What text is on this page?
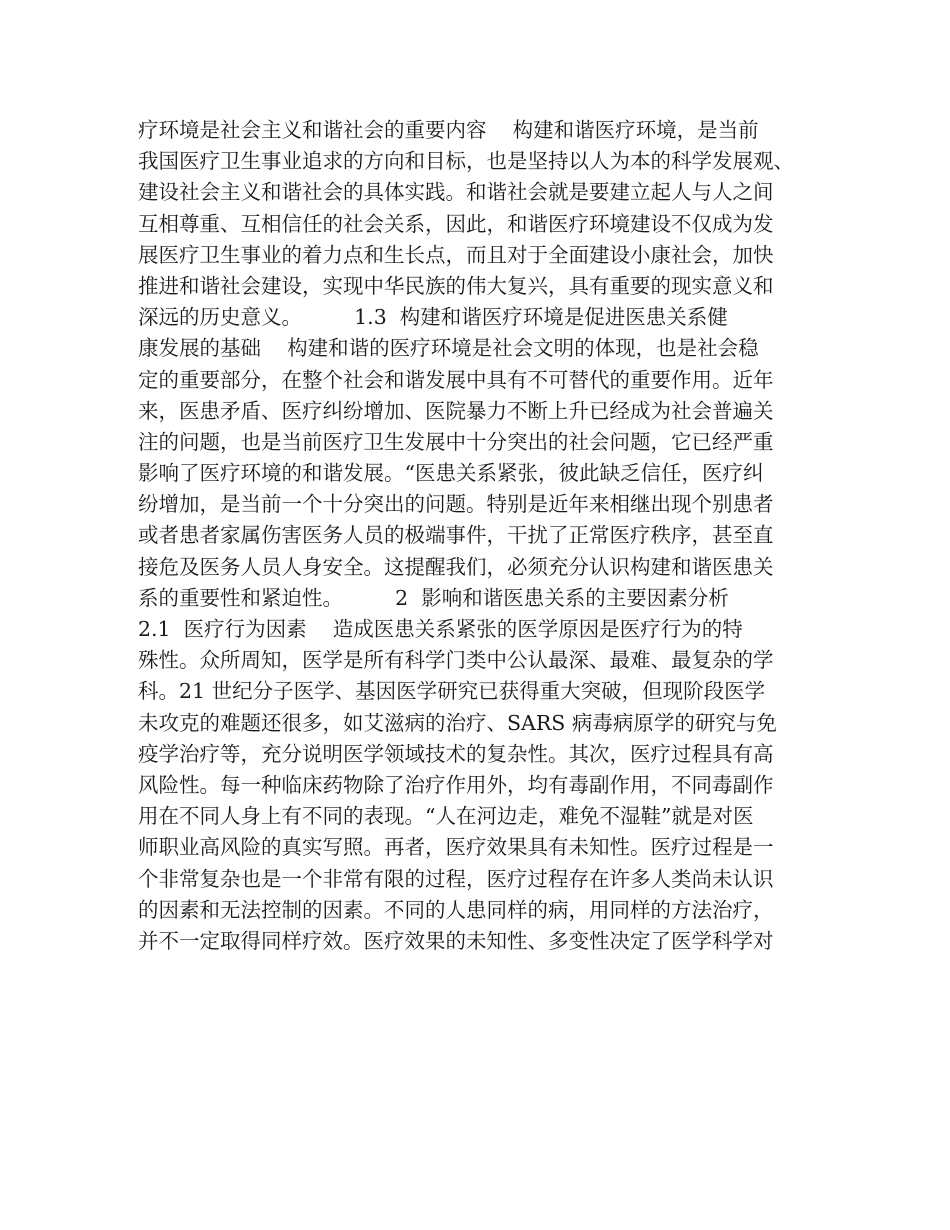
疗环境是社会主义和谐社会的重要内容    构建和谐医疗环境，是当前
我国医疗卫生事业追求的方向和目标，也是坚持以人为本的科学发展观、
建设社会主义和谐社会的具体实践。和谐社会就是要建立起人与人之间
互相尊重、互相信任的社会关系，因此，和谐医疗环境建设不仅成为发
展医疗卫生事业的着力点和生长点，而且对于全面建设小康社会，加快
推进和谐社会建设，实现中华民族的伟大复兴，具有重要的现实意义和
深远的历史意义。        1.3  构建和谐医疗环境是促进医患关系健
康发展的基础    构建和谐的医疗环境是社会文明的体现，也是社会稳
定的重要部分，在整个社会和谐发展中具有不可替代的重要作用。近年
来，医患矛盾、医疗纠纷增加、医院暴力不断上升已经成为社会普遍关
注的问题，也是当前医疗卫生发展中十分突出的社会问题，它已经严重
影响了医疗环境的和谐发展。“医患关系紧张，彼此缺乏信任，医疗纠
纷增加，是当前一个十分突出的问题。特别是近年来相继出现个别患者
或者患者家属伤害医务人员的极端事件，干扰了正常医疗秩序，甚至直
接危及医务人员人身安全。这提醒我们，必须充分认识构建和谐医患关
系的重要性和紧迫性。        2  影响和谐医患关系的主要因素分析
2.1  医疗行为因素    造成医患关系紧张的医学原因是医疗行为的特
殊性。众所周知，医学是所有科学门类中公认最深、最难、最复杂的学
科。21 世纪分子医学、基因医学研究已获得重大突破，但现阶段医学
未攻克的难题还很多，如艾滋病的治疗、SARS 病毒病原学的研究与免
疫学治疗等，充分说明医学领域技术的复杂性。其次，医疗过程具有高
风险性。每一种临床药物除了治疗作用外，均有毒副作用，不同毒副作
用在不同人身上有不同的表现。“人在河边走，难免不湿鞋”就是对医
师职业高风险的真实写照。再者，医疗效果具有未知性。医疗过程是一
个非常复杂也是一个非常有限的过程，医疗过程存在许多人类尚未认识
的因素和无法控制的因素。不同的人患同样的病，用同样的方法治疗，
并不一定取得同样疗效。医疗效果的未知性、多变性决定了医学科学对
